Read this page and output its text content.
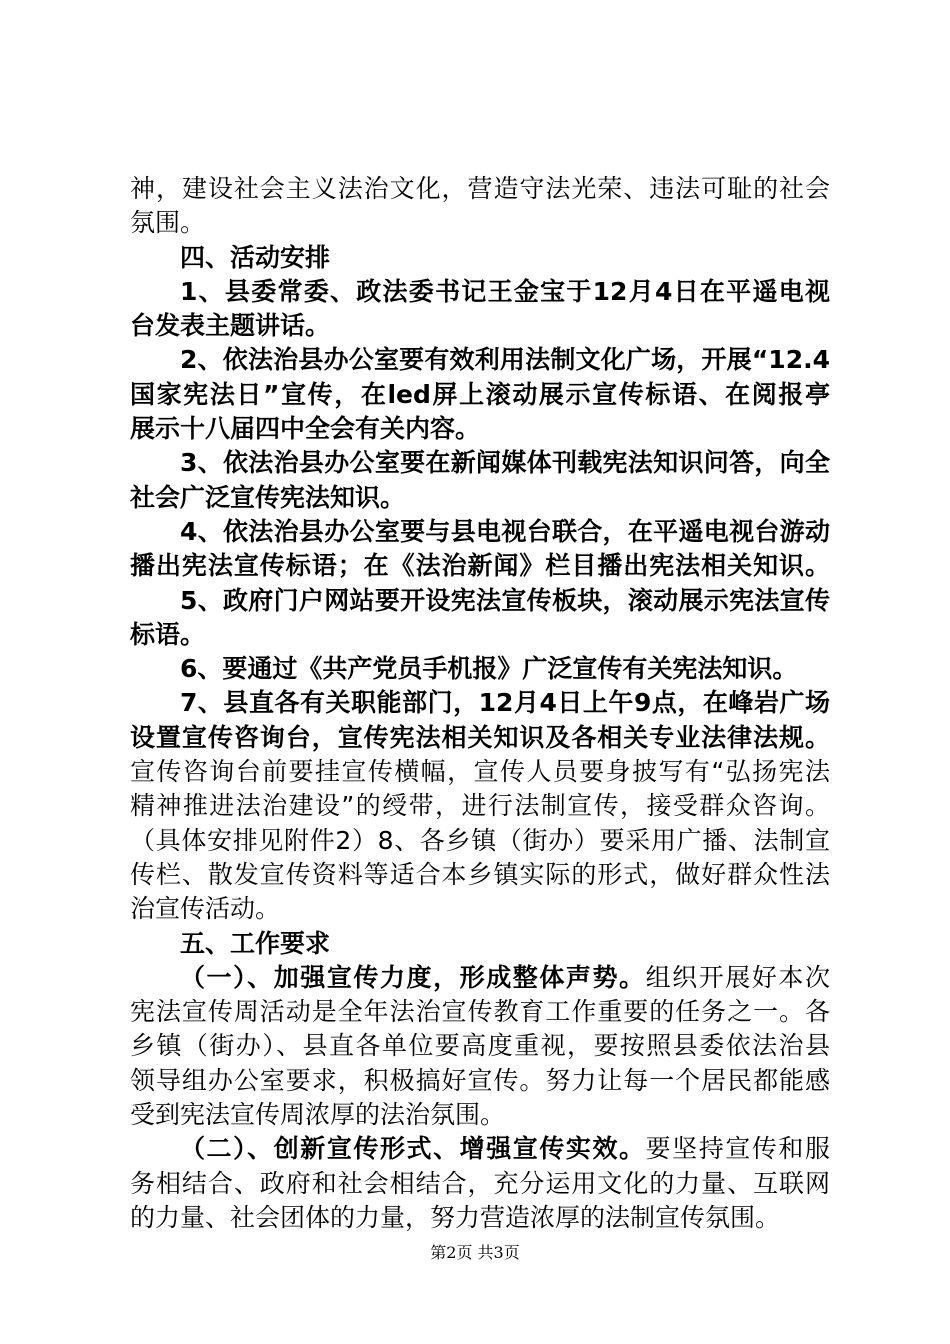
神，建设社会主义法治文化，营造守法光荣、违法可耻的社会
氛围。
四、活动安排
1、县委常委、政法委书记王金宝于12月4日在平遥电视
台发表主题讲话。
2、依法治县办公室要有效利用法制文化广场，开展“12.4
国家宪法日”宣传，在led屏上滚动展示宣传标语、在阅报亭
展示十八届四中全会有关内容。
3、依法治县办公室要在新闻媒体刊载宪法知识问答，向全
社会广泛宣传宪法知识。
4、依法治县办公室要与县电视台联合，在平遥电视台游动
播出宪法宣传标语；在《法治新闻》栏目播出宪法相关知识。
5、政府门户网站要开设宪法宣传板块，滚动展示宪法宣传
标语。
6、要通过《共产党员手机报》广泛宣传有关宪法知识。
7、县直各有关职能部门，12月4日上午9点，在峰岩广场
设置宣传咨询台，宣传宪法相关知识及各相关专业法律法规。
宣传咨询台前要挂宣传横幅，宣传人员要身披写有“弘扬宪法
精神推进法治建设”的绶带，进行法制宣传，接受群众咨询。
（具体安排见附件2）8、各乡镇（街办）要采用广播、法制宣
传栏、散发宣传资料等适合本乡镇实际的形式，做好群众性法
治宣传活动。
五、工作要求
（一）、加强宣传力度，形成整体声势。组织开展好本次
宪法宣传周活动是全年法治宣传教育工作重要的任务之一。各
乡镇（街办）、县直各单位要高度重视，要按照县委依法治县
领导组办公室要求，积极搞好宣传。努力让每一个居民都能感
受到宪法宣传周浓厚的法治氛围。
（二）、创新宣传形式、增强宣传实效。要坚持宣传和服
务相结合、政府和社会相结合，充分运用文化的力量、互联网
的力量、社会团体的力量，努力营造浓厚的法制宣传氛围。
第2页 共3页
